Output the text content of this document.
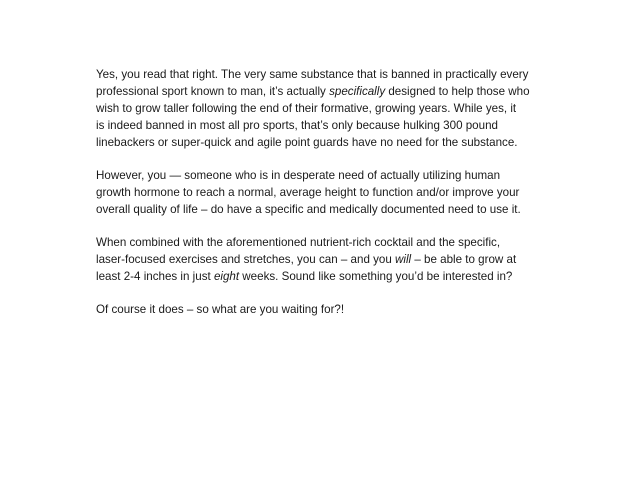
Yes, you read that right. The very same substance that is banned in practically every
professional sport known to man, it’s actually specifically designed to help those who
wish to grow taller following the end of their formative, growing years. While yes, it
is indeed banned in most all pro sports, that’s only because hulking 300 pound
linebackers or super-quick and agile point guards have no need for the substance.

However, you — someone who is in desperate need of actually utilizing human
growth hormone to reach a normal, average height to function and/or improve your
overall quality of life – do have a specific and medically documented need to use it.

When combined with the aforementioned nutrient-rich cocktail and the specific,
laser-focused exercises and stretches, you can – and you will – be able to grow at
least 2-4 inches in just eight weeks. Sound like something you’d be interested in?

Of course it does – so what are you waiting for?!
